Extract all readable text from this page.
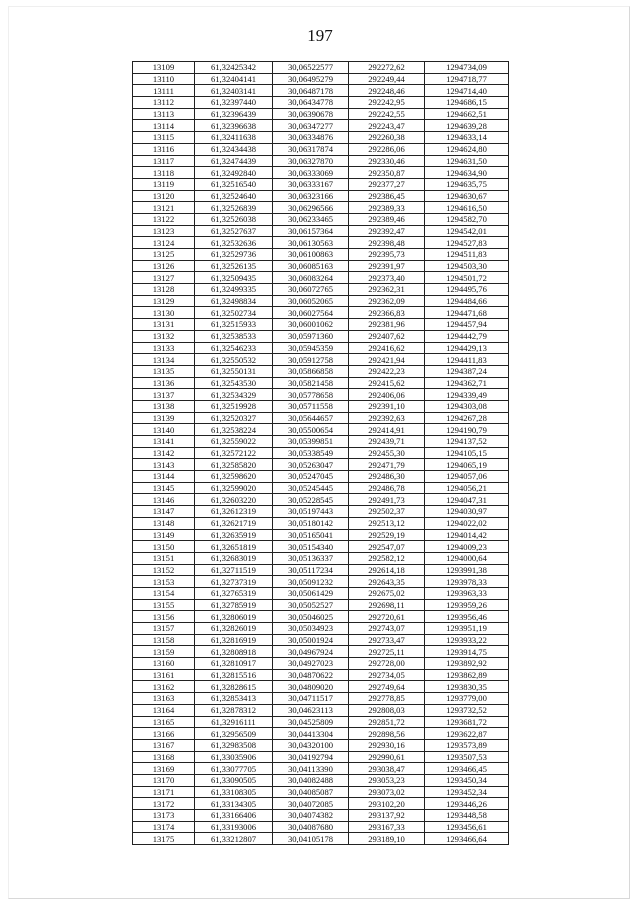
197
13109	61,32425342	30,06522577	292272,62	1294734,09
13110	61,32404141	30,06495279	292249,44	1294718,77
13111	61,32403141	30,06487178	292248,46	1294714,40
13112	61,32397440	30,06434778	292242,95	1294686,15
13113	61,32396439	30,06390678	292242,55	1294662,51
13114	61,32396638	30,06347277	292243,47	1294639,28
13115	61,32411638	30,06334876	292260,38	1294633,14
13116	61,32434438	30,06317874	292286,06	1294624,80
13117	61,32474439	30,06327870	292330,46	1294631,50
13118	61,32492840	30,06333069	292350,87	1294634,90
13119	61,32516540	30,06333167	292377,27	1294635,75
13120	61,32524640	30,06323166	292386,45	1294630,67
13121	61,32526839	30,06296566	292389,33	1294616,50
13122	61,32526038	30,06233465	292389,46	1294582,70
13123	61,32527637	30,06157364	292392,47	1294542,01
13124	61,32532636	30,06130563	292398,48	1294527,83
13125	61,32529736	30,06100863	292395,73	1294511,83
13126	61,32526135	30,06085163	292391,97	1294503,30
13127	61,32509435	30,06083264	292373,40	1294501,72
13128	61,32499335	30,06072765	292362,31	1294495,76
13129	61,32498834	30,06052065	292362,09	1294484,66
13130	61,32502734	30,06027564	292366,83	1294471,68
13131	61,32515933	30,06001062	292381,96	1294457,94
13132	61,32538533	30,05971360	292407,62	1294442,79
13133	61,32546233	30,05945359	292416,62	1294429,13
13134	61,32550532	30,05912758	292421,94	1294411,83
13135	61,32550131	30,05866858	292422,23	1294387,24
13136	61,32543530	30,05821458	292415,62	1294362,71
13137	61,32534329	30,05778658	292406,06	1294339,49
13138	61,32519928	30,05711558	292391,10	1294303,08
13139	61,32520327	30,05644657	292392,63	1294267,28
13140	61,32538224	30,05500654	292414,91	1294190,79
13141	61,32559022	30,05399851	292439,71	1294137,52
13142	61,32572122	30,05338549	292455,30	1294105,15
13143	61,32585820	30,05263047	292471,79	1294065,19
13144	61,32598620	30,05247045	292486,30	1294057,06
13145	61,32599020	30,05245445	292486,78	1294056,21
13146	61,32603220	30,05228545	292491,73	1294047,31
13147	61,32612319	30,05197443	292502,37	1294030,97
13148	61,32621719	30,05180142	292513,12	1294022,02
13149	61,32635919	30,05165041	292529,19	1294014,42
13150	61,32651819	30,05154340	292547,07	1294009,23
13151	61,32683019	30,05136337	292582,12	1294000,64
13152	61,32711519	30,05117234	292614,18	1293991,38
13153	61,32737319	30,05091232	292643,35	1293978,33
13154	61,32765319	30,05061429	292675,02	1293963,33
13155	61,32785919	30,05052527	292698,11	1293959,26
13156	61,32806019	30,05046025	292720,61	1293956,46
13157	61,32826019	30,05034923	292743,07	1293951,19
13158	61,32816919	30,05001924	292733,47	1293933,22
13159	61,32808918	30,04967924	292725,11	1293914,75
13160	61,32810917	30,04927023	292728,00	1293892,92
13161	61,32815516	30,04870622	292734,05	1293862,89
13162	61,32828615	30,04809020	292749,64	1293830,35
13163	61,32853413	30,04711517	292778,85	1293779,00
13164	61,32878312	30,04623113	292808,03	1293732,52
13165	61,32916111	30,04525809	292851,72	1293681,72
13166	61,32956509	30,04413304	292898,56	1293622,87
13167	61,32983508	30,04320100	292930,16	1293573,89
13168	61,33035906	30,04192794	292990,61	1293507,53
13169	61,33077705	30,04113390	293038,47	1293466,45
13170	61,33090505	30,04082488	293053,23	1293450,34
13171	61,33108305	30,04085087	293073,02	1293452,34
13172	61,33134305	30,04072085	293102,20	1293446,26
13173	61,33166406	30,04074382	293137,92	1293448,58
13174	61,33193006	30,04087680	293167,33	1293456,61
13175	61,33212807	30,04105178	293189,10	1293466,64
